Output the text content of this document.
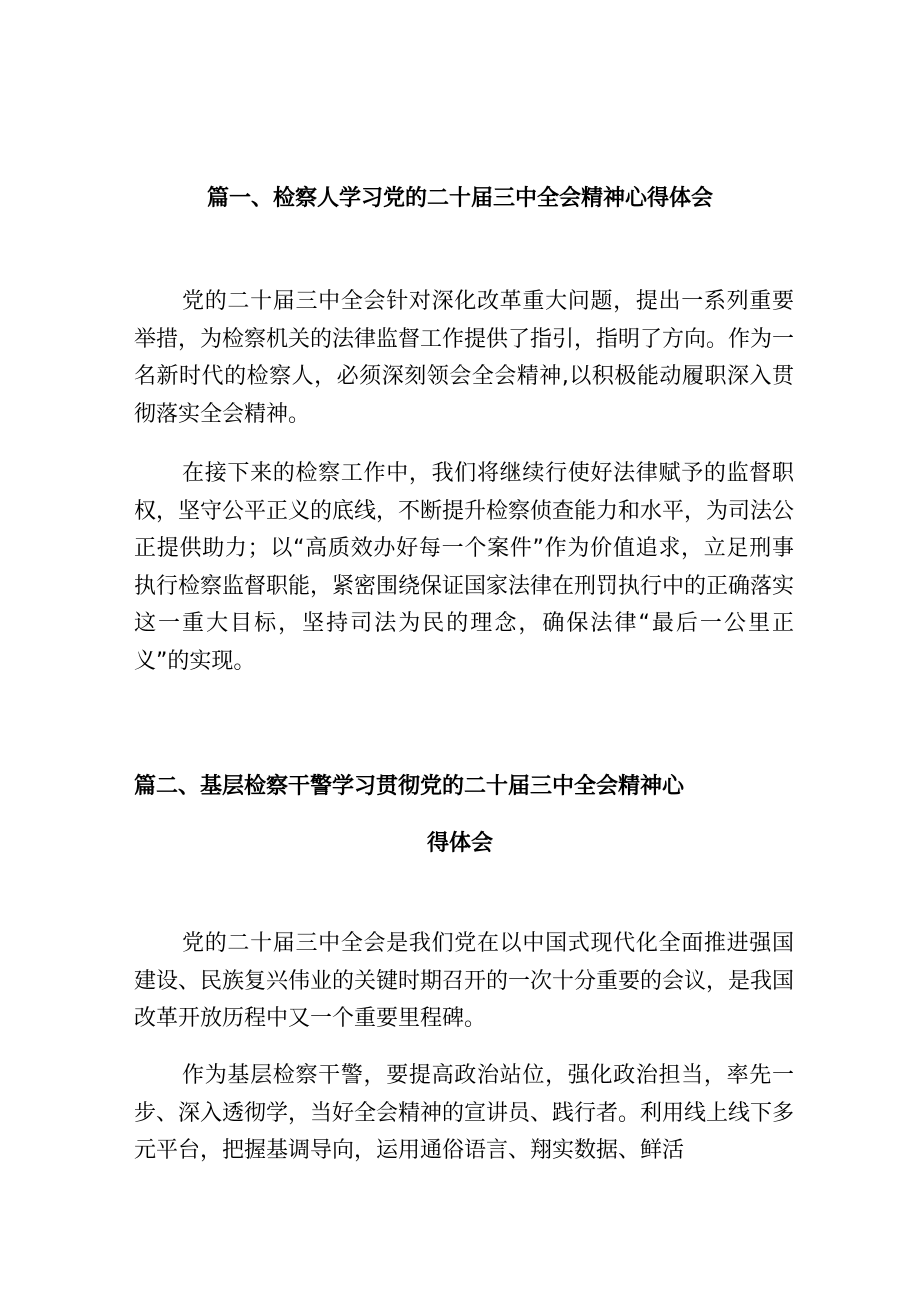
篇一、检察人学习党的二十届三中全会精神心得体会

党的二十届三中全会针对深化改革重大问题，提出一系列重要举措，为检察机关的法律监督工作提供了指引，指明了方向。作为一名新时代的检察人，必须深刻领会全会精神,以积极能动履职深入贯彻落实全会精神。

在接下来的检察工作中，我们将继续行使好法律赋予的监督职权，坚守公平正义的底线，不断提升检察侦查能力和水平，为司法公正提供助力；以“高质效办好每一个案件”作为价值追求，立足刑事执行检察监督职能，紧密围绕保证国家法律在刑罚执行中的正确落实这一重大目标，坚持司法为民的理念，确保法律“最后一公里正义”的实现。

篇二、基层检察干警学习贯彻党的二十届三中全会精神心
得体会

党的二十届三中全会是我们党在以中国式现代化全面推进强国建设、民族复兴伟业的关键时期召开的一次十分重要的会议，是我国改革开放历程中又一个重要里程碑。

作为基层检察干警，要提高政治站位，强化政治担当，率先一步、深入透彻学，当好全会精神的宣讲员、践行者。利用线上线下多元平台，把握基调导向，运用通俗语言、翔实数据、鲜活
